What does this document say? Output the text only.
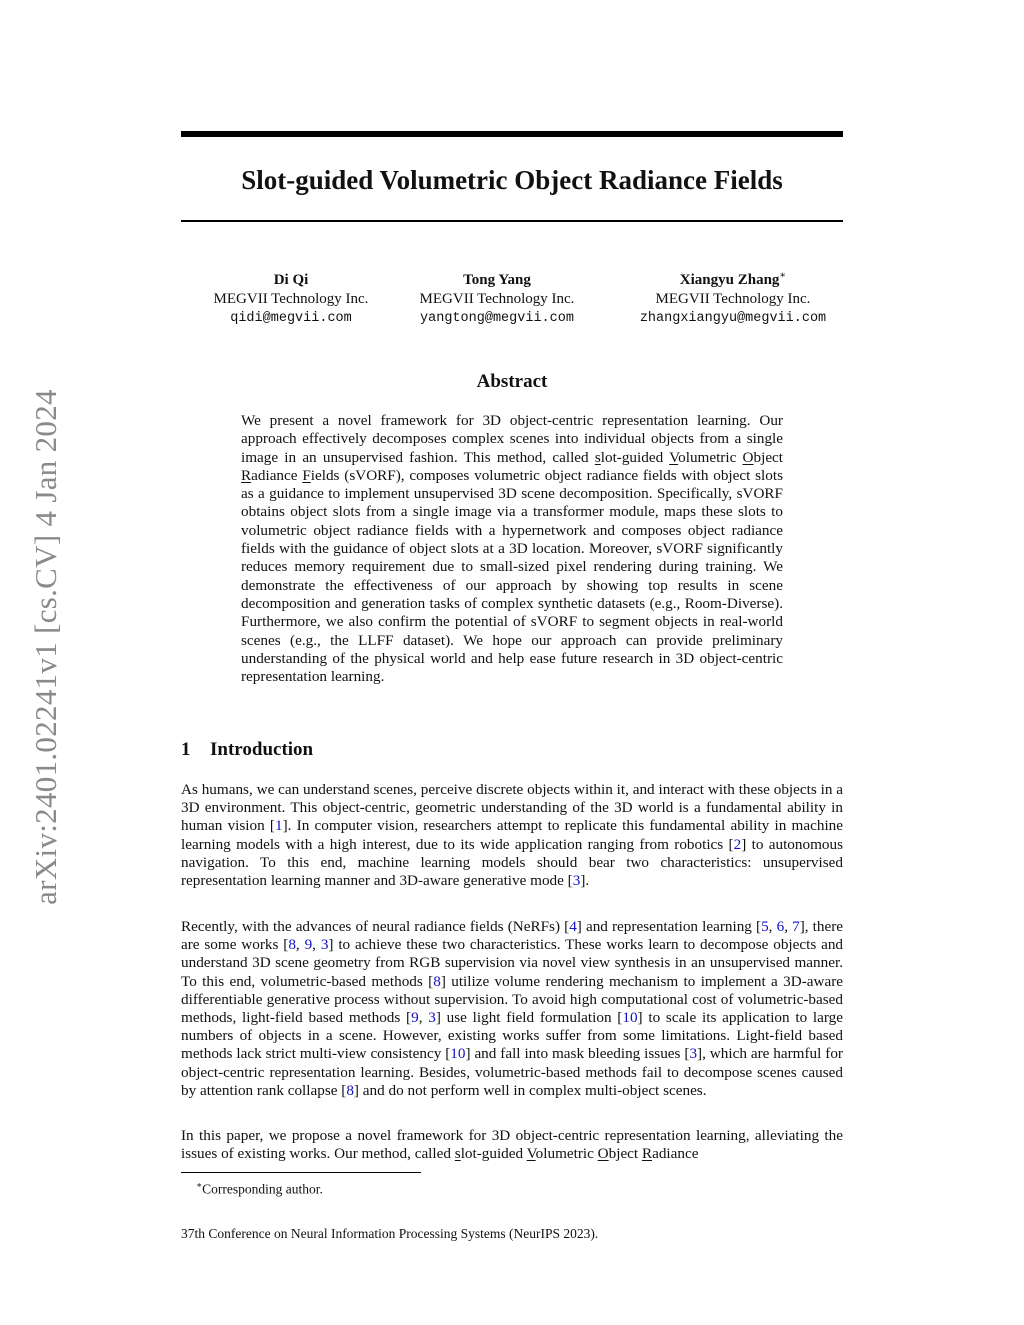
arXiv:2401.02241v1 [cs.CV] 4 Jan 2024
Slot-guided Volumetric Object Radiance Fields
Di Qi
MEGVII Technology Inc.
qidi@megvii.com
Tong Yang
MEGVII Technology Inc.
yangtong@megvii.com
Xiangyu Zhang∗
MEGVII Technology Inc.
zhangxiangyu@megvii.com
Abstract

We present a novel framework for 3D object-centric representation learning. Our approach effectively decomposes complex scenes into individual objects from a single image in an unsupervised fashion. This method, called slot-guided Volumetric Object Radiance Fields (sVORF), composes volumetric object radiance fields with object slots as a guidance to implement unsupervised 3D scene decomposition. Specifically, sVORF obtains object slots from a single image via a transformer module, maps these slots to volumetric object radiance fields with a hypernetwork and composes object radiance fields with the guidance of object slots at a 3D location. Moreover, sVORF significantly reduces memory requirement due to small-sized pixel rendering during training. We demonstrate the effectiveness of our approach by showing top results in scene decomposition and generation tasks of complex synthetic datasets (e.g., Room-Diverse). Furthermore, we also confirm the potential of sVORF to segment objects in real-world scenes (e.g., the LLFF dataset). We hope our approach can provide preliminary understanding of the physical world and help ease future research in 3D object-centric representation learning.

1 Introduction

As humans, we can understand scenes, perceive discrete objects within it, and interact with these objects in a 3D environment. This object-centric, geometric understanding of the 3D world is a fundamental ability in human vision [1]. In computer vision, researchers attempt to replicate this fundamental ability in machine learning models with a high interest, due to its wide application ranging from robotics [2] to autonomous navigation. To this end, machine learning models should bear two characteristics: unsupervised representation learning manner and 3D-aware generative mode [3].

Recently, with the advances of neural radiance fields (NeRFs) [4] and representation learning [5, 6, 7], there are some works [8, 9, 3] to achieve these two characteristics. These works learn to decompose objects and understand 3D scene geometry from RGB supervision via novel view synthesis in an unsupervised manner. To this end, volumetric-based methods [8] utilize volume rendering mechanism to implement a 3D-aware differentiable generative process without supervision. To avoid high computational cost of volumetric-based methods, light-field based methods [9, 3] use light field formulation [10] to scale its application to large numbers of objects in a scene. However, existing works suffer from some limitations. Light-field based methods lack strict multi-view consistency [10] and fall into mask bleeding issues [3], which are harmful for object-centric representation learning. Besides, volumetric-based methods fail to decompose scenes caused by attention rank collapse [8] and do not perform well in complex multi-object scenes.

In this paper, we propose a novel framework for 3D object-centric representation learning, alleviating the issues of existing works. Our method, called slot-guided Volumetric Object Radiance

∗Corresponding author.

37th Conference on Neural Information Processing Systems (NeurIPS 2023).
